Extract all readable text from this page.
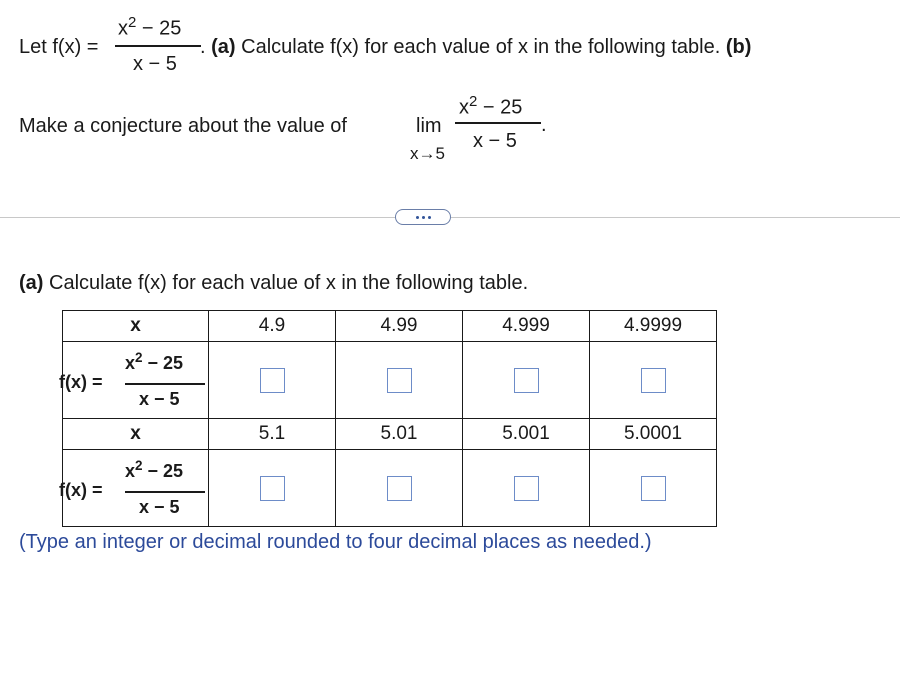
Let f(x) =
$x^2 - 25$
x − 5
. (a) Calculate f(x) for each value of x in the following table. (b)
Make a conjecture about the value of	lim
x→5
$x^2 - 25$
x − 5
.
(a) Calculate f(x) for each value of x in the following table.
x	4.9	4.99	4.999	4.9999

f(x) =
$x^2 - 25$
x − 5				

x	5.1	5.01	5.001	5.0001

f(x) =
$x^2 - 25$
x − 5				

(Type an integer or decimal rounded to four decimal places as needed.)
